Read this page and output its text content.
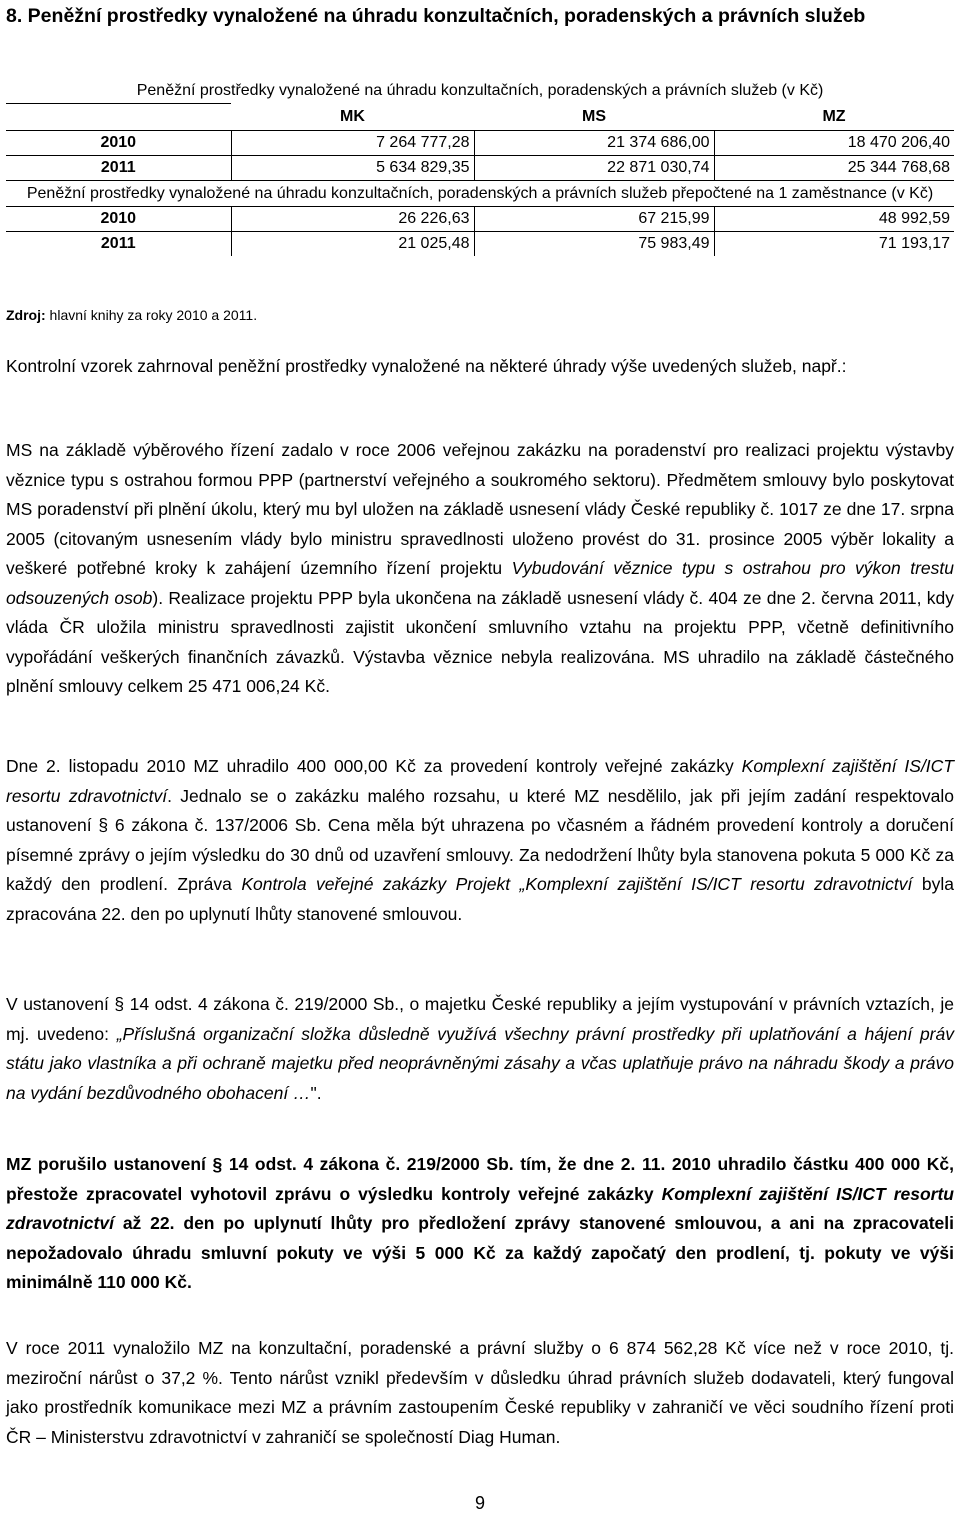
8. Peněžní prostředky vynaložené na úhradu konzultačních, poradenských a právních služeb
Peněžní prostředky vynaložené na úhradu konzultačních, poradenských a právních služeb (v Kč)			
	MK	MS	MZ
2010	7 264 777,28	21 374 686,00	18 470 206,40
2011	5 634 829,35	22 871 030,74	25 344 768,68
Peněžní prostředky vynaložené na úhradu konzultačních, poradenských a právních služeb přepočtené na 1 zaměstnance (v Kč)			
2010	26 226,63	67 215,99	48 992,59
2011	21 025,48	75 983,49	71 193,17
Zdroj: hlavní knihy za roky 2010 a 2011.

Kontrolní vzorek zahrnoval peněžní prostředky vynaložené na některé úhrady výše uvedených služeb, např.:

MS na základě výběrového řízení zadalo v roce 2006 veřejnou zakázku na poradenství pro realizaci projektu výstavby věznice typu s ostrahou formou PPP (partnerství veřejného a soukromého sektoru). Předmětem smlouvy bylo poskytovat MS poradenství při plnění úkolu, který mu byl uložen na základě usnesení vlády České republiky č. 1017 ze dne 17. srpna 2005 (citovaným usnesením vlády bylo ministru spravedlnosti uloženo provést do 31. prosince 2005 výběr lokality a veškeré potřebné kroky k zahájení územního řízení projektu Vybudování věznice typu s ostrahou pro výkon trestu odsouzených osob). Realizace projektu PPP byla ukončena na základě usnesení vlády č. 404 ze dne 2. června 2011, kdy vláda ČR uložila ministru spravedlnosti zajistit ukončení smluvního vztahu na projektu PPP, včetně definitivního vypořádání veškerých finančních závazků. Výstavba věznice nebyla realizována. MS uhradilo na základě částečného plnění smlouvy celkem 25 471 006,24 Kč.

Dne 2. listopadu 2010 MZ uhradilo 400 000,00 Kč za provedení kontroly veřejné zakázky Komplexní zajištění IS/ICT resortu zdravotnictví. Jednalo se o zakázku malého rozsahu, u které MZ nesdělilo, jak při jejím zadání respektovalo ustanovení § 6 zákona č. 137/2006 Sb. Cena měla být uhrazena po včasném a řádném provedení kontroly a doručení písemné zprávy o jejím výsledku do 30 dnů od uzavření smlouvy. Za nedodržení lhůty byla stanovena pokuta 5 000 Kč za každý den prodlení. Zpráva Kontrola veřejné zakázky Projekt „Komplexní zajištění IS/ICT resortu zdravotnictví byla zpracována 22. den po uplynutí lhůty stanovené smlouvou.

V ustanovení § 14 odst. 4 zákona č. 219/2000 Sb., o majetku České republiky a jejím vystupování v právních vztazích, je mj. uvedeno: „Příslušná organizační složka důsledně využívá všechny právní prostředky při uplatňování a hájení práv státu jako vlastníka a při ochraně majetku před neoprávněnými zásahy a včas uplatňuje právo na náhradu škody a právo na vydání bezdůvodného obohacení …".

MZ porušilo ustanovení § 14 odst. 4 zákona č. 219/2000 Sb. tím, že dne 2. 11. 2010 uhradilo částku 400 000 Kč, přestože zpracovatel vyhotovil zprávu o výsledku kontroly veřejné zakázky Komplexní zajištění IS/ICT resortu zdravotnictví až 22. den po uplynutí lhůty pro předložení zprávy stanovené smlouvou, a ani na zpracovateli nepožadovalo úhradu smluvní pokuty ve výši 5 000 Kč za každý započatý den prodlení, tj. pokuty ve výši minimálně 110 000 Kč.

V roce 2011 vynaložilo MZ na konzultační, poradenské a právní služby o 6 874 562,28 Kč více než v roce 2010, tj. meziroční nárůst o 37,2 %. Tento nárůst vznikl především v důsledku úhrad právních služeb dodavateli, který fungoval jako prostředník komunikace mezi MZ a právním zastoupením České republiky v zahraničí ve věci soudního řízení proti ČR – Ministerstvu zdravotnictví v zahraničí se společností Diag Human.

9
